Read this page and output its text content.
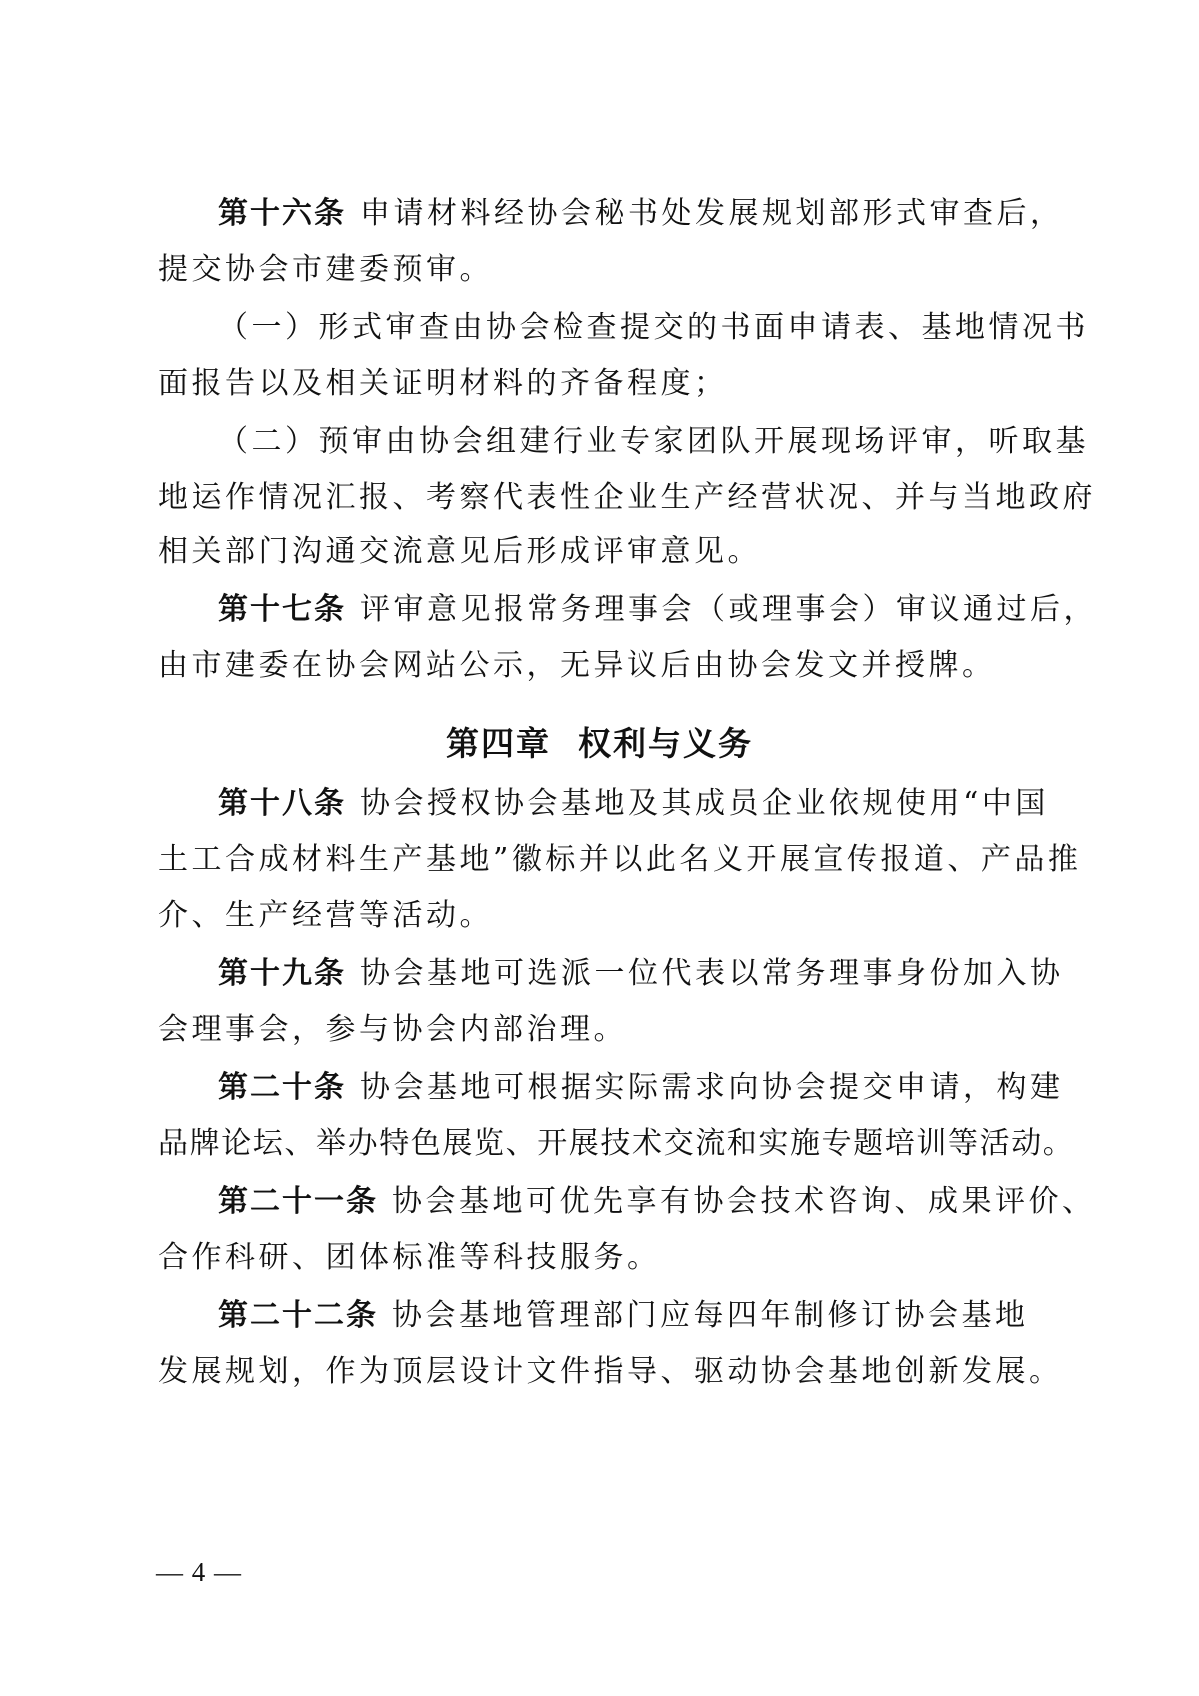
第十六条 申请材料经协会秘书处发展规划部形式审查后，
提交协会市建委预审。
（一）形式审查由协会检查提交的书面申请表、基地情况书
面报告以及相关证明材料的齐备程度；
（二）预审由协会组建行业专家团队开展现场评审，听取基
地运作情况汇报、考察代表性企业生产经营状况、并与当地政府
相关部门沟通交流意见后形成评审意见。
第十七条 评审意见报常务理事会（或理事会）审议通过后，
由市建委在协会网站公示，无异议后由协会发文并授牌。
第四章  权利与义务
第十八条 协会授权协会基地及其成员企业依规使用“中国
土工合成材料生产基地”徽标并以此名义开展宣传报道、产品推
介、生产经营等活动。
第十九条 协会基地可选派一位代表以常务理事身份加入协
会理事会，参与协会内部治理。
第二十条 协会基地可根据实际需求向协会提交申请，构建
品牌论坛、举办特色展览、开展技术交流和实施专题培训等活动。
第二十一条 协会基地可优先享有协会技术咨询、成果评价、
合作科研、团体标准等科技服务。
第二十二条 协会基地管理部门应每四年制修订协会基地
发展规划，作为顶层设计文件指导、驱动协会基地创新发展。
— 4 —
